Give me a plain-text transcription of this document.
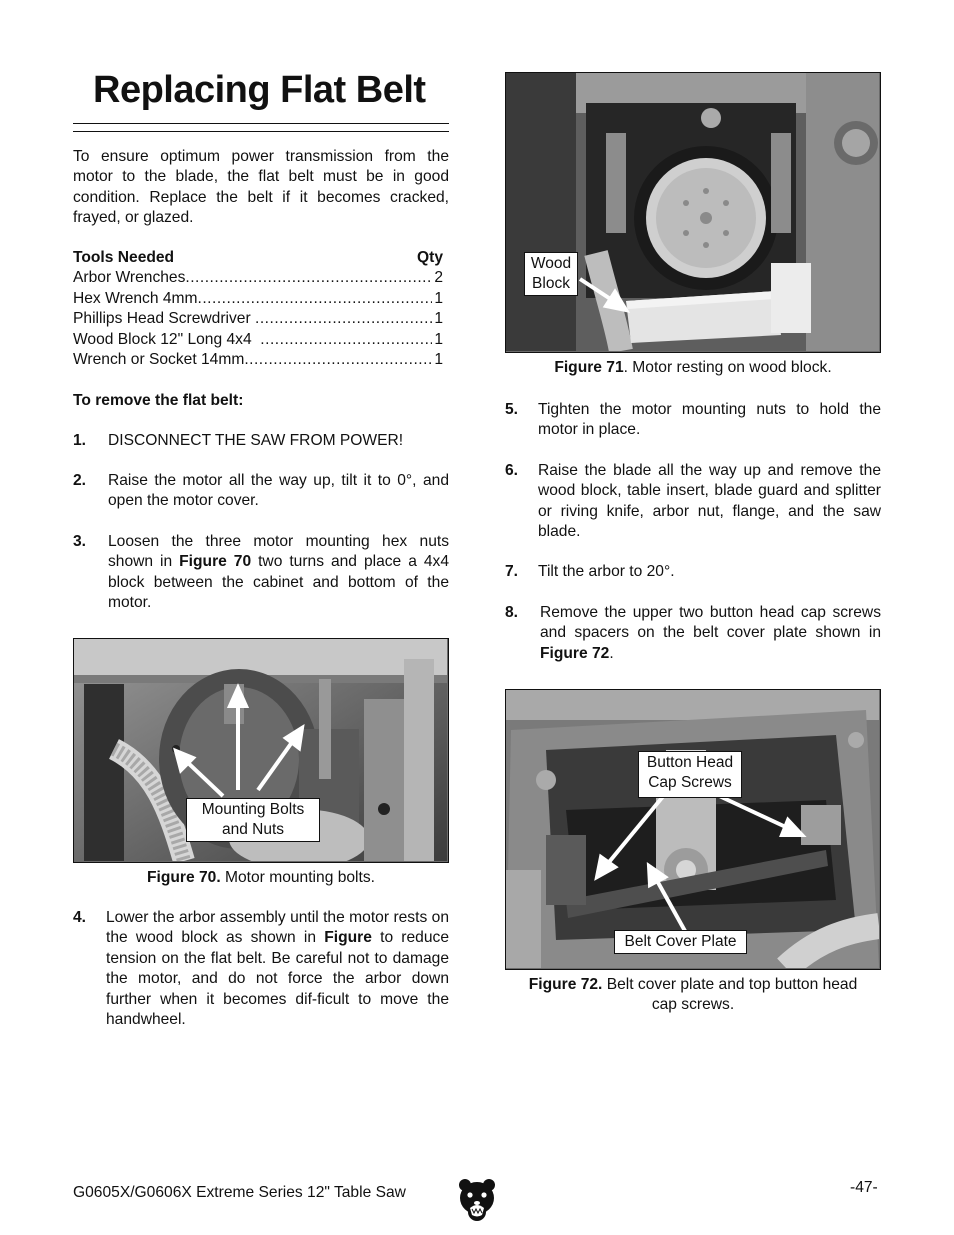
Replacing Flat Belt
To ensure optimum power transmission from the motor to the blade, the flat belt must be in good condition. Replace the belt if it becomes cracked, frayed, or glazed.
Tools Needed	Qty
Arbor Wrenches .....	2
Hex Wrench 4mm .....	1
Phillips Head Screwdriver .....	1
Wood Block 12" Long 4x4 .....	1
Wrench or Socket 14mm .....	1
To remove the flat belt:
1. DISCONNECT THE SAW FROM POWER!
2. Raise the motor all the way up, tilt it to 0°, and open the motor cover.
3. Loosen the three motor mounting hex nuts shown in Figure 70 two turns and place a 4x4 block between the cabinet and bottom of the motor.
Mounting Bolts
and Nuts
Figure 70. Motor mounting bolts.
4. Lower the arbor assembly until the motor rests on the wood block as shown in Figure to reduce tension on the flat belt. Be careful not to damage the motor, and do not force the arbor down further when it becomes dif-ficult to move the handwheel.
Wood
Block
Figure 71. Motor resting on wood block.
5. Tighten the motor mounting nuts to hold the motor in place.
6. Raise the blade all the way up and remove the wood block, table insert, blade guard and splitter or riving knife, arbor nut, flange, and the saw blade.
7. Tilt the arbor to 20°.
8. Remove the upper two button head cap screws and spacers on the belt cover plate shown in Figure 72.
Button Head
Cap Screws
Belt Cover Plate
Figure 72. Belt cover plate and top button head
cap screws.
G0605X/G0606X Extreme Series 12" Table Saw	-47-
